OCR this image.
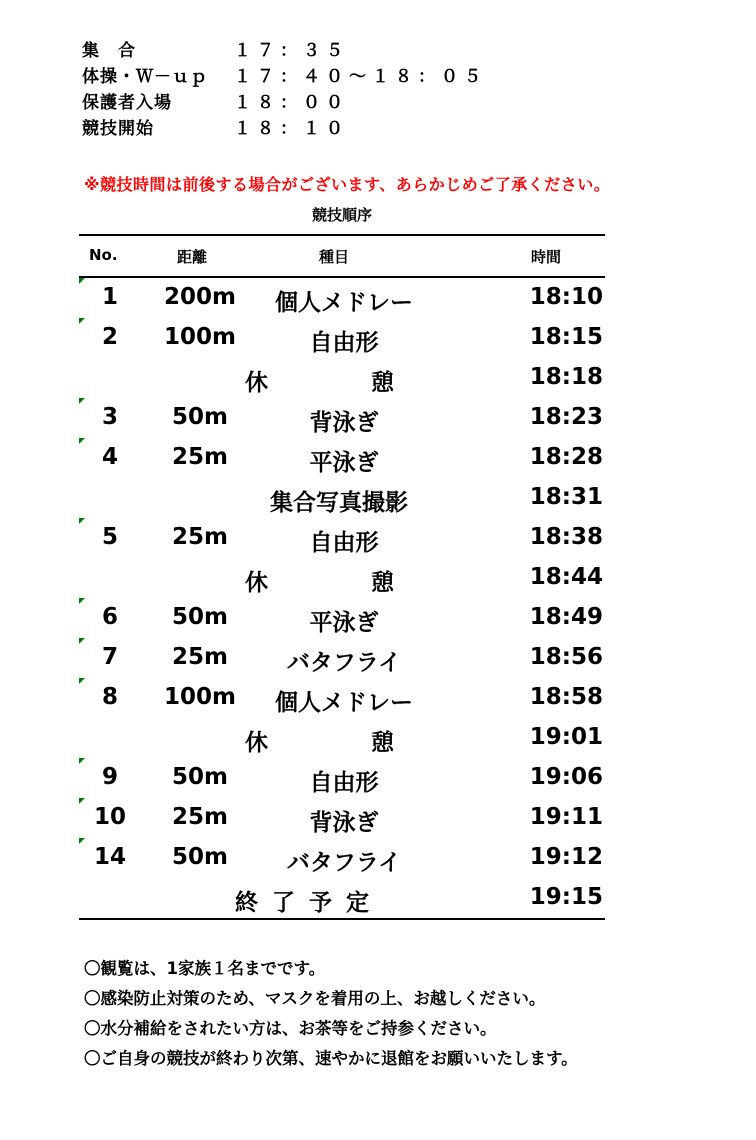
集　合	１７：３５
体操・Ｗ－ｕｐ	１７：４０～１８：０５
保護者入場	１８：００
競技開始	１８：１０
※競技時間は前後する場合がございます、あらかじめご了承ください。
競技順序
No.	距離	種目	時間
1	200m	個人メドレー	18:10
2	100m	自由形	18:15
休　憩	18:18
3	50m	背泳ぎ	18:23
4	25m	平泳ぎ	18:28
集合写真撮影	18:31
5	25m	自由形	18:38
休　憩	18:44
6	50m	平泳ぎ	18:49
7	25m	バタフライ	18:56
8	100m	個人メドレー	18:58
休　憩	19:01
9	50m	自由形	19:06
10	25m	背泳ぎ	19:11
14	50m	バタフライ	19:12
終了予定	19:15
〇観覧は、1家族１名までです。
〇感染防止対策のため、マスクを着用の上、お越しください。
〇水分補給をされたい方は、お茶等をご持参ください。
〇ご自身の競技が終わり次第、速やかに退館をお願いいたします。
